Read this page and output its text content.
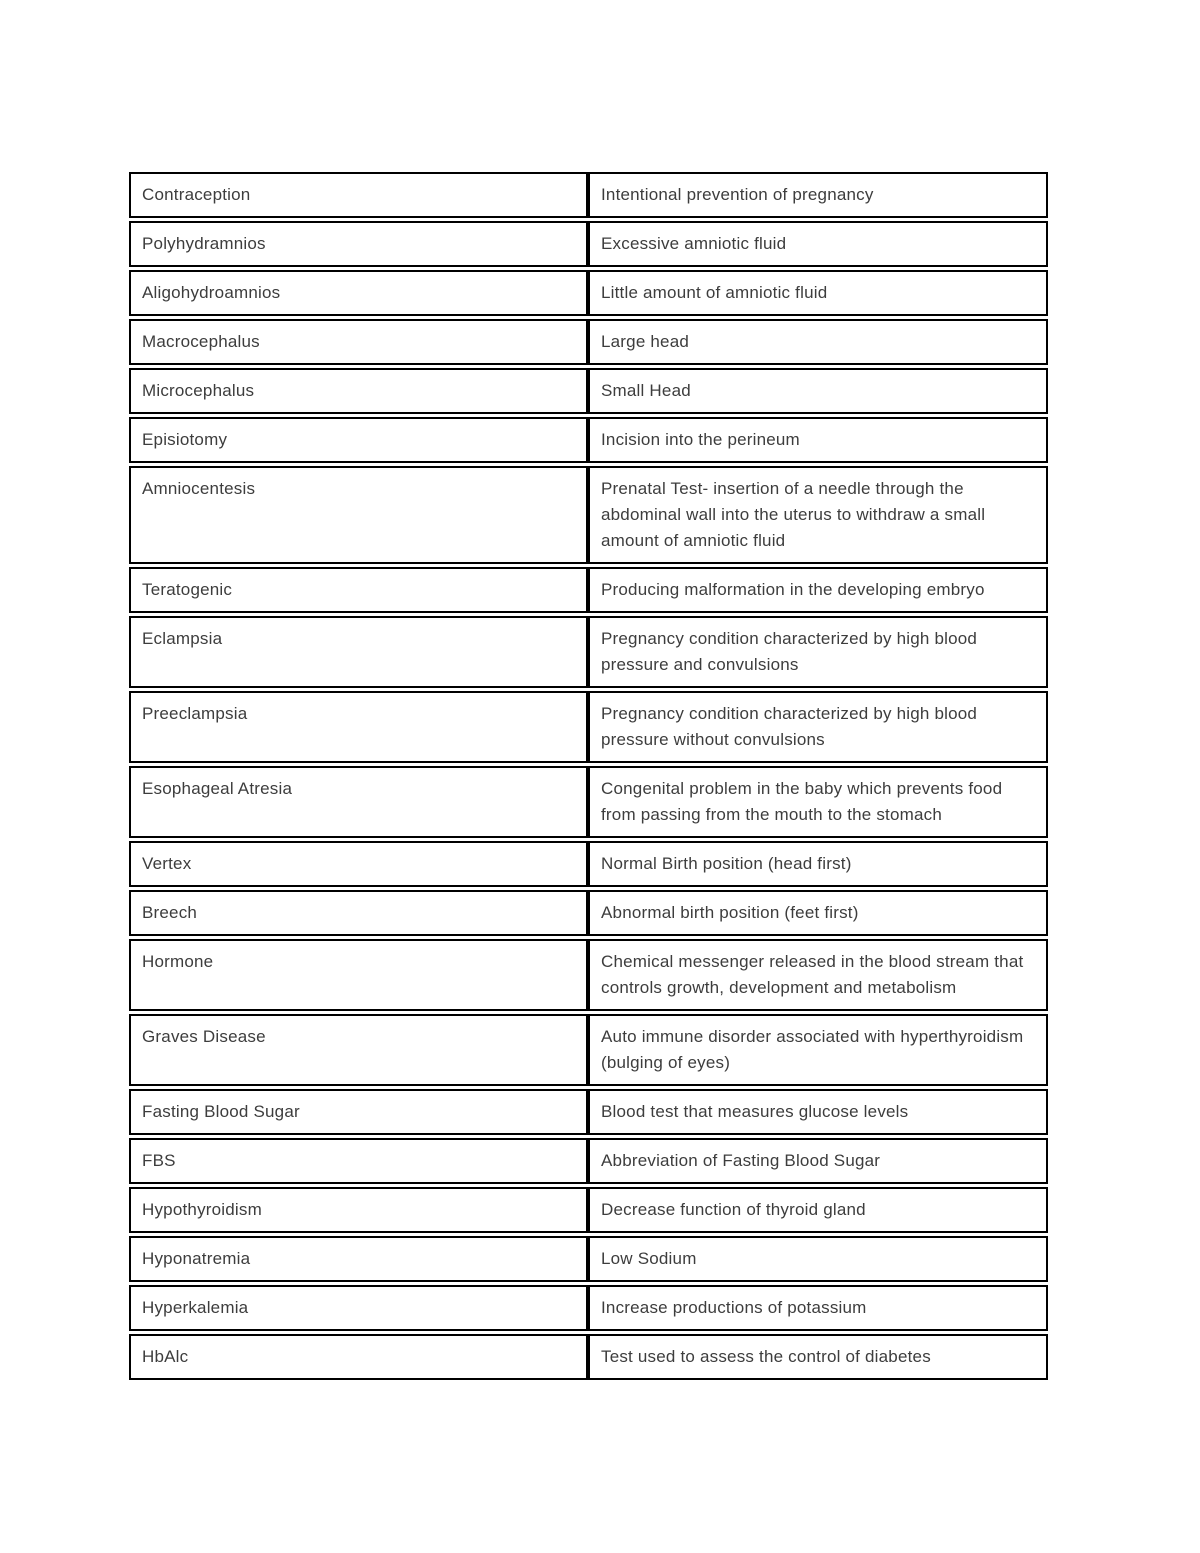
Contraception	Intentional prevention of pregnancy
Polyhydramnios	Excessive amniotic fluid
Aligohydroamnios	Little amount of amniotic fluid
Macrocephalus	Large head
Microcephalus	Small Head
Episiotomy	Incision into the perineum
Amniocentesis	Prenatal Test- insertion of a needle through the abdominal wall into the uterus to withdraw a small amount of amniotic fluid
Teratogenic	Producing malformation in the developing embryo
Eclampsia	Pregnancy condition characterized by high blood pressure and convulsions
Preeclampsia	Pregnancy condition characterized by high blood pressure without convulsions
Esophageal Atresia	Congenital problem in the baby which prevents food from passing from the mouth to the stomach
Vertex	Normal Birth position (head first)
Breech	Abnormal birth position (feet first)
Hormone	Chemical messenger released in the blood stream that controls growth, development and metabolism
Graves Disease	Auto immune disorder associated with hyperthyroidism (bulging of eyes)
Fasting Blood Sugar	Blood test that measures glucose levels
FBS	Abbreviation of Fasting Blood Sugar
Hypothyroidism	Decrease function of thyroid gland
Hyponatremia	Low Sodium
Hyperkalemia	Increase productions of potassium
HbAlc	Test used to assess the control of diabetes
